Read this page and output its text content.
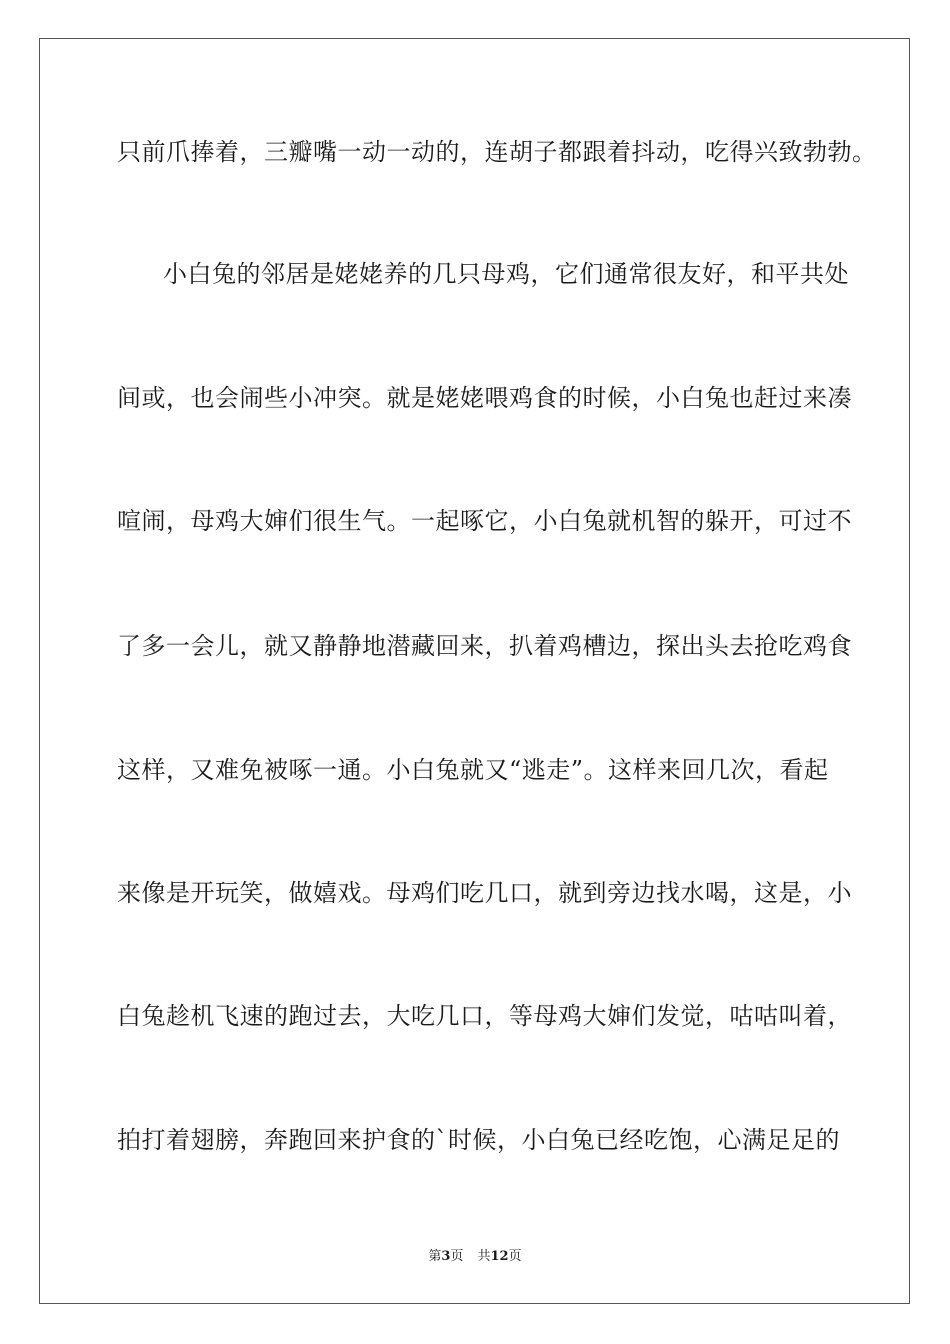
只前爪捧着，三瓣嘴一动一动的，连胡子都跟着抖动，吃得兴致勃勃。
小白兔的邻居是姥姥养的几只母鸡，它们通常很友好，和平共处
间或，也会闹些小冲突。就是姥姥喂鸡食的时候，小白兔也赶过来凑
喧闹，母鸡大婶们很生气。一起啄它，小白兔就机智的躲开，可过不
了多一会儿，就又静静地潜藏回来，扒着鸡槽边，探出头去抢吃鸡食
这样，又难免被啄一通。小白兔就又“逃走”。这样来回几次，看起
来像是开玩笑，做嬉戏。母鸡们吃几口，就到旁边找水喝，这是，小
白兔趁机飞速的跑过去，大吃几口，等母鸡大婶们发觉，咕咕叫着，
拍打着翅膀，奔跑回来护食的`时候，小白兔已经吃饱，心满足足的
第3页 共12页
